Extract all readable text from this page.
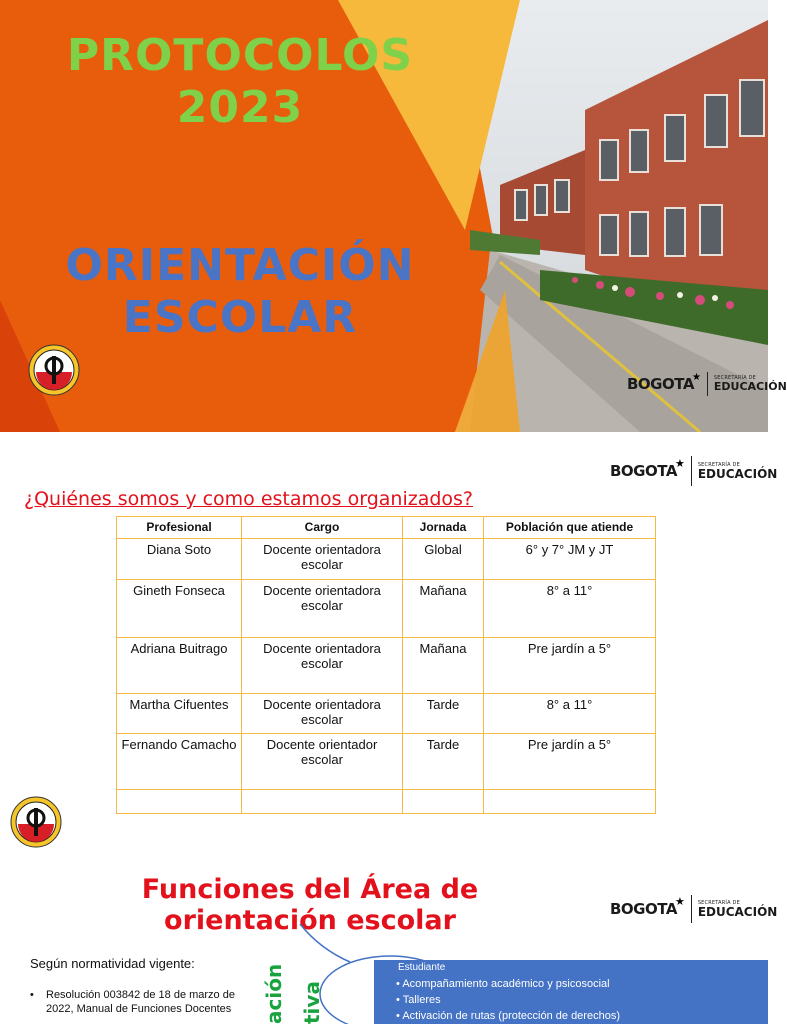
PROTOCOLOS
2023
ORIENTACIÓN
ESCOLAR
BOGOTA
★	SECRETARÍA DE
EDUCACIÓN
BOGOTA
★	SECRETARÍA DE
EDUCACIÓN
¿Quiénes somos y como estamos organizados?
Profesional	Cargo	Jornada	Población que atiende
Diana Soto	Docente orientadora escolar	Global	6° y 7° JM y JT
Gineth Fonseca	Docente orientadora escolar	Mañana	8° a 11°
Adriana Buitrago	Docente orientadora escolar	Mañana	Pre jardín a 5°
Martha Cifuentes	Docente orientadora escolar	Tarde	8° a 11°
Fernando Camacho	Docente orientador escolar	Tarde	Pre jardín a 5°

Funciones del Área de orientación escolar	BOGOTA
★	SECRETARÍA DE
EDUCACIÓN
Según normatividad vigente:
•	Resolución 003842 de 18 de marzo de 2022, Manual de Funciones Docentes	ación tiva
Estudiante
• Acompañamiento académico y psicosocial
• Talleres
• Activación de rutas (protección de derechos)
